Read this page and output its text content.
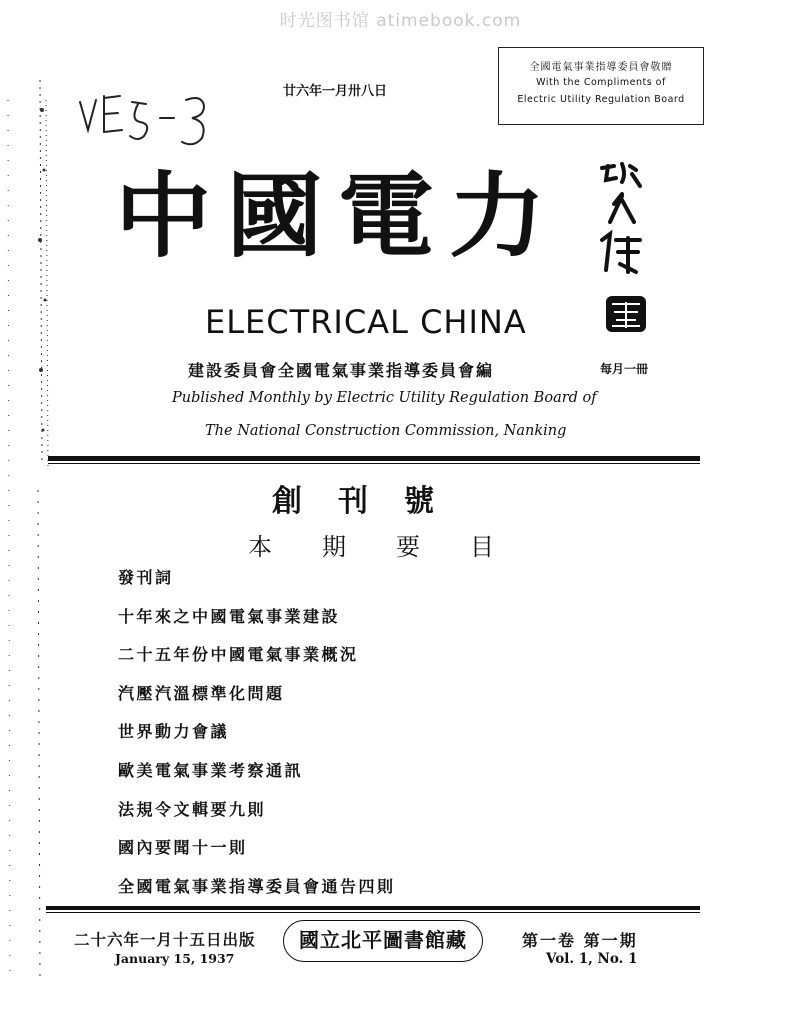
时光图书馆 atimebook.com
廿六年一月卅八日
全國電氣事業指導委員會敬贈
With the Compliments of
Electric Utility Regulation Board
中國電力
ELECTRICAL CHINA
建設委員會全國電氣事業指導委員會編	每月一冊
Published Monthly by Electric Utility Regulation Board of
The National Construction Commission, Nanking
創刊號
本期要目
發刊詞
十年來之中國電氣事業建設
二十五年份中國電氣事業概況
汽壓汽溫標準化問題
世界動力會議
歐美電氣事業考察通訊
法規令文輯要九則
國內要聞十一則
全國電氣事業指導委員會通告四則
二十六年一月十五日出版
January 15, 1937
國立北平圖書館藏	第一卷 第一期
Vol. 1, No. 1
